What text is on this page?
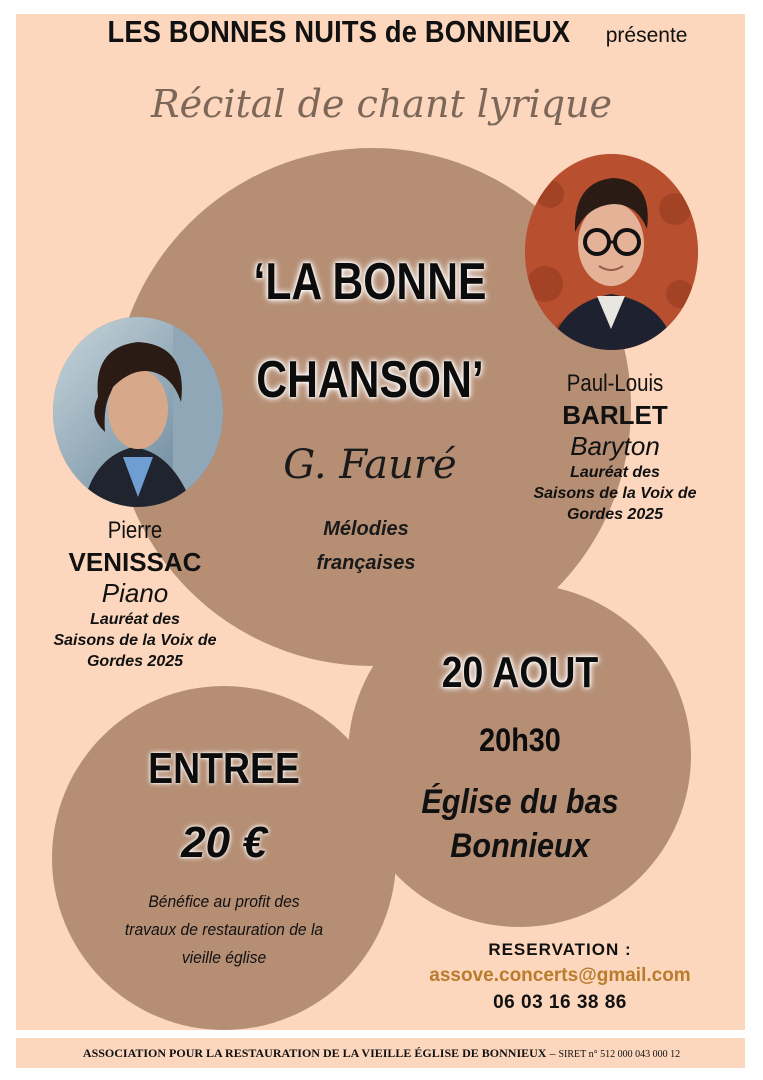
LES BONNES NUITS de BONNIEUX présente
Récital de chant lyrique
‘LA BONNE
CHANSON’
G. Fauré
Mélodies
françaises
Paul-Louis
BARLET
Baryton
Lauréat des
Saisons de la Voix de
Gordes 2025
Pierre
VENISSAC
Piano
Lauréat des
Saisons de la Voix de
Gordes 2025	20 AOUT
20h30
Église du bas
Bonnieux
ENTREE
20 €
Bénéfice au profit des
travaux de restauration de la
vieille église	RESERVATION :
assove.concerts@gmail.com
06 03 16 38 86
ASSOCIATION POUR LA RESTAURATION DE LA VIEILLE ÉGLISE DE BONNIEUX – SIRET n° 512 000 043 000 12
